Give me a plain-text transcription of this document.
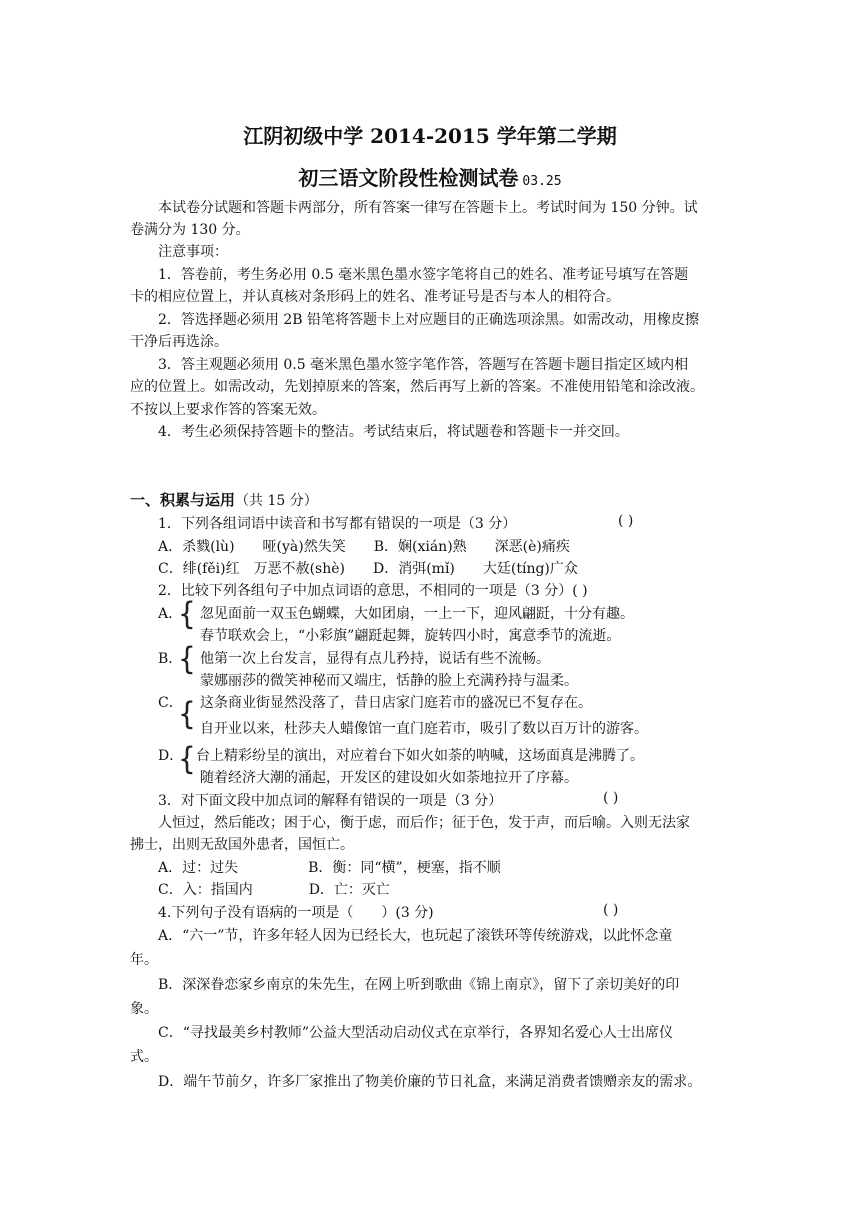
江阴初级中学 2014-2015 学年第二学期
初三语文阶段性检测试卷 03.25
本试卷分试题和答题卡两部分，所有答案一律写在答题卡上。考试时间为 150 分钟。试
卷满分为 130 分。
注意事项：
1．答卷前，考生务必用 0.5 毫米黑色墨水签字笔将自己的姓名、准考证号填写在答题
卡的相应位置上，并认真核对条形码上的姓名、准考证号是否与本人的相符合。
2．答选择题必须用 2B 铅笔将答题卡上对应题目的正确选项涂黑。如需改动，用橡皮擦
干净后再选涂。
3．答主观题必须用 0.5 毫米黑色墨水签字笔作答，答题写在答题卡题目指定区域内相
应的位置上。如需改动，先划掉原来的答案，然后再写上新的答案。不准使用铅笔和涂改液。
不按以上要求作答的答案无效。
4．考生必须保持答题卡的整洁。考试结束后，将试题卷和答题卡一并交回。
一、积累与运用（共 15 分）
1．下列各组词语中读音和书写都有错误的一项是（3 分）	( )
A．杀戮(lù)　　哑(yà)然失笑　　B．娴(xián)熟　　深恶(è)痛疾
C．绯(fěi)红　万恶不赦(shè)　　D．消弭(mǐ)　　大廷(tíng)广众
2．比较下列各组句子中加点词语的意思，不相同的一项是（3 分）( )
A．
{ 忽见面前一双玉色蝴蝶，大如团扇，一上一下，迎风翩跹，十分有趣。
春节联欢会上，“小彩旗”翩跹起舞，旋转四小时，寓意季节的流逝。
B．
{ 他第一次上台发言，显得有点儿矜持，说话有些不流畅。
蒙娜丽莎的微笑神秘而又端庄，恬静的脸上充满矜持与温柔。
C．
{ 这条商业街显然没落了，昔日店家门庭若市的盛况已不复存在。
自开业以来，杜莎夫人蜡像馆一直门庭若市，吸引了数以百万计的游客。
D．
{ 台上精彩纷呈的演出，对应着台下如火如荼的呐喊，这场面真是沸腾了。
随着经济大潮的涌起，开发区的建设如火如荼地拉开了序幕。
3．对下面文段中加点词的解释有错误的一项是（3 分）	( )
人恒过，然后能改；困于心，衡于虑，而后作；征于色，发于声，而后喻。入则无法家
拂士，出则无敌国外患者，国恒亡。
A．过：过失　　　　　B．衡：同“横”，梗塞，指不顺
C．入：指国内　　　　D．亡：灭亡
4.下列句子没有语病的一项是（　　）(3 分)	( )
A．“六一”节，许多年轻人因为已经长大，也玩起了滚铁环等传统游戏，以此怀念童
年。
B．深深眷恋家乡南京的朱先生，在网上听到歌曲《锦上南京》，留下了亲切美好的印
象。
C．“寻找最美乡村教师”公益大型活动启动仪式在京举行，各界知名爱心人士出席仪
式。
D．端午节前夕，许多厂家推出了物美价廉的节日礼盒，来满足消费者馈赠亲友的需求。
